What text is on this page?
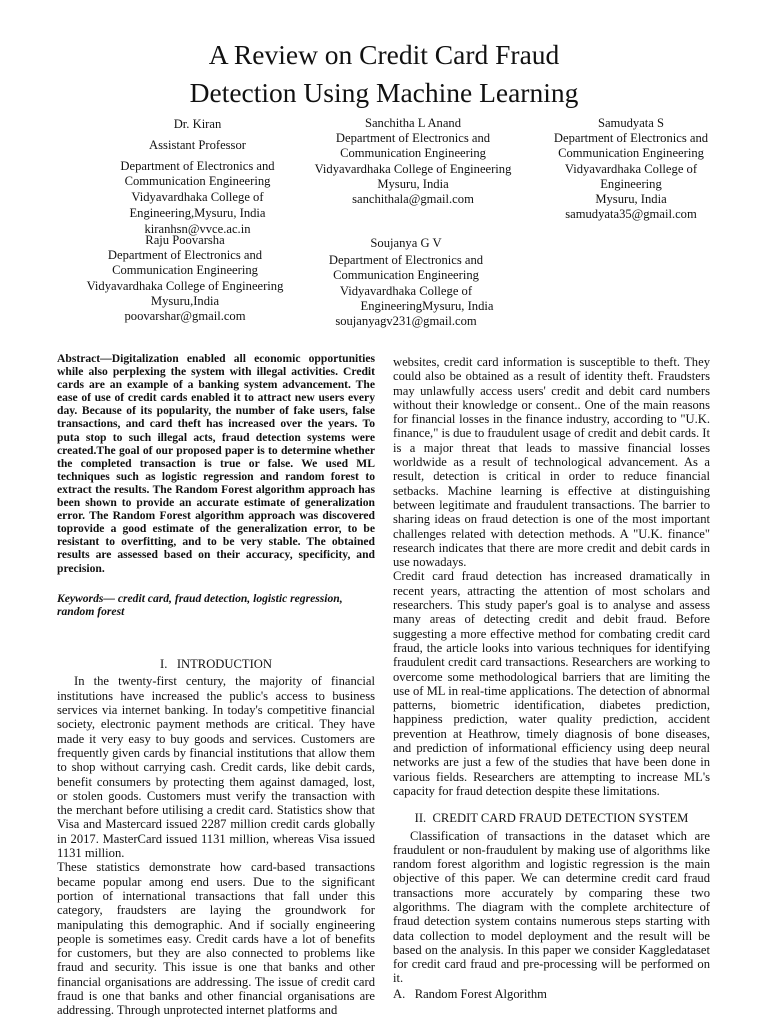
A Review on Credit Card Fraud
Detection Using Machine Learning
Dr. Kiran
Assistant Professor
Department of Electronics and
Communication Engineering
Vidyavardhaka College of
Engineering,Mysuru, India
kiranhsn@vvce.ac.in
Sanchitha L Anand
Department of Electronics and
Communication Engineering
Vidyavardhaka College of Engineering
Mysuru, India
sanchithala@gmail.com
Samudyata S
Department of Electronics and
Communication Engineering
Vidyavardhaka College of
Engineering
Mysuru, India
samudyata35@gmail.com
Raju Poovarsha
Department of Electronics and
Communication Engineering
Vidyavardhaka College of Engineering
Mysuru,India
poovarshar@gmail.com
Soujanya G V
Department of Electronics and
Communication Engineering
Vidyavardhaka College of
EngineeringMysuru, India
soujanyagv231@gmail.com

Abstract—Digitalization enabled all economic opportunities while also perplexing the system with illegal activities. Credit cards are an example of a banking system advancement. The ease of use of credit cards enabled it to attract new users every day. Because of its popularity, the number of fake users, false transactions, and card theft has increased over the years. To puta stop to such illegal acts, fraud detection systems were created.The goal of our proposed paper is to determine whether the completed transaction is true or false. We used ML techniques such as logistic regression and random forest to extract the results. The Random Forest algorithm approach has been shown to provide an accurate estimate of generalization error. The Random Forest algorithm approach was discovered toprovide a good estimate of the generalization error, to be resistant to overfitting, and to be very stable. The obtained results are assessed based on their accuracy, specificity, and precision.

Keywords— credit card, fraud detection, logistic regression, random forest

I.   INTRODUCTION

In the twenty-first century, the majority of financial institutions have increased the public's access to business services via internet banking. In today's competitive financial society, electronic payment methods are critical. They have made it very easy to buy goods and services. Customers are frequently given cards by financial institutions that allow them to shop without carrying cash. Credit cards, like debit cards, benefit consumers by protecting them against damaged, lost, or stolen goods. Customers must verify the transaction with the merchant before utilising a credit card. Statistics show that Visa and Mastercard issued 2287 million credit cards globally in 2017. MasterCard issued 1131 million, whereas Visa issued 1131 million.

These statistics demonstrate how card-based transactions became popular among end users. Due to the significant portion of international transactions that fall under this category, fraudsters are laying the groundwork for manipulating this demographic. And if socially engineering people is sometimes easy. Credit cards have a lot of benefits for customers, but they are also connected to problems like fraud and security. This issue is one that banks and other financial organisations are addressing. The issue of credit card fraud is one that banks and other financial organisations are addressing. Through unprotected internet platforms and

websites, credit card information is susceptible to theft. They could also be obtained as a result of identity theft. Fraudsters may unlawfully access users' credit and debit card numbers without their knowledge or consent.. One of the main reasons for financial losses in the finance industry, according to "U.K. finance," is due to fraudulent usage of credit and debit cards. It is a major threat that leads to massive financial losses worldwide as a result of technological advancement. As a result, detection is critical in order to reduce financial setbacks. Machine learning is effective at distinguishing between legitimate and fraudulent transactions. The barrier to sharing ideas on fraud detection is one of the most important challenges related with detection methods. A "U.K. finance" research indicates that there are more credit and debit cards in use nowadays.

Credit card fraud detection has increased dramatically in recent years, attracting the attention of most scholars and researchers. This study paper's goal is to analyse and assess many areas of detecting credit and debit fraud. Before suggesting a more effective method for combating credit card fraud, the article looks into various techniques for identifying fraudulent credit card transactions. Researchers are working to overcome some methodological barriers that are limiting the use of ML in real-time applications. The detection of abnormal patterns, biometric identification, diabetes prediction, happiness prediction, water quality prediction, accident prevention at Heathrow, timely diagnosis of bone diseases, and prediction of informational efficiency using deep neural networks are just a few of the studies that have been done in various fields. Researchers are attempting to increase ML's capacity for fraud detection despite these limitations.

II.  CREDIT CARD FRAUD DETECTION SYSTEM

Classification of transactions in the dataset which are fraudulent or non-fraudulent by making use of algorithms like random forest algorithm and logistic regression is the main objective of this paper. We can determine credit card fraud transactions more accurately by comparing these two algorithms. The diagram with the complete architecture of fraud detection system contains numerous steps starting with data collection to model deployment and the result will be based on the analysis. In this paper we consider Kaggledataset for credit card fraud and pre-processing will be performed on it.

A.   Random Forest Algorithm
